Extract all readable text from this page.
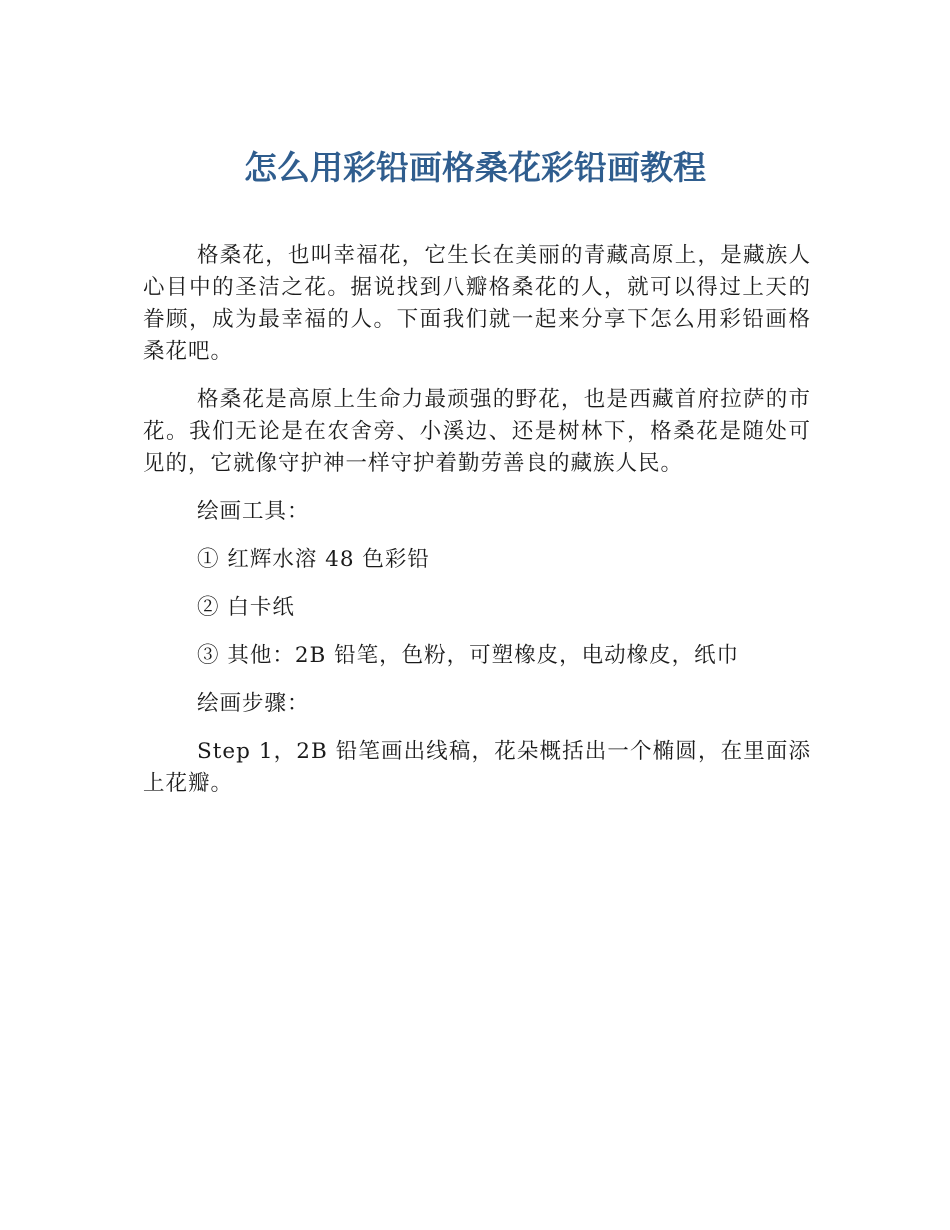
怎么用彩铅画格桑花彩铅画教程

格桑花，也叫幸福花，它生长在美丽的青藏高原上，是藏族人心目中的圣洁之花。据说找到八瓣格桑花的人，就可以得过上天的眷顾，成为最幸福的人。下面我们就一起来分享下怎么用彩铅画格桑花吧。

格桑花是高原上生命力最顽强的野花，也是西藏首府拉萨的市花。我们无论是在农舍旁、小溪边、还是树林下，格桑花是随处可见的，它就像守护神一样守护着勤劳善良的藏族人民。

绘画工具：

① 红辉水溶 48 色彩铅

② 白卡纸

③ 其他：2B 铅笔，色粉，可塑橡皮，电动橡皮，纸巾

绘画步骤：

Step 1，2B 铅笔画出线稿，花朵概括出一个椭圆，在里面添上花瓣。
